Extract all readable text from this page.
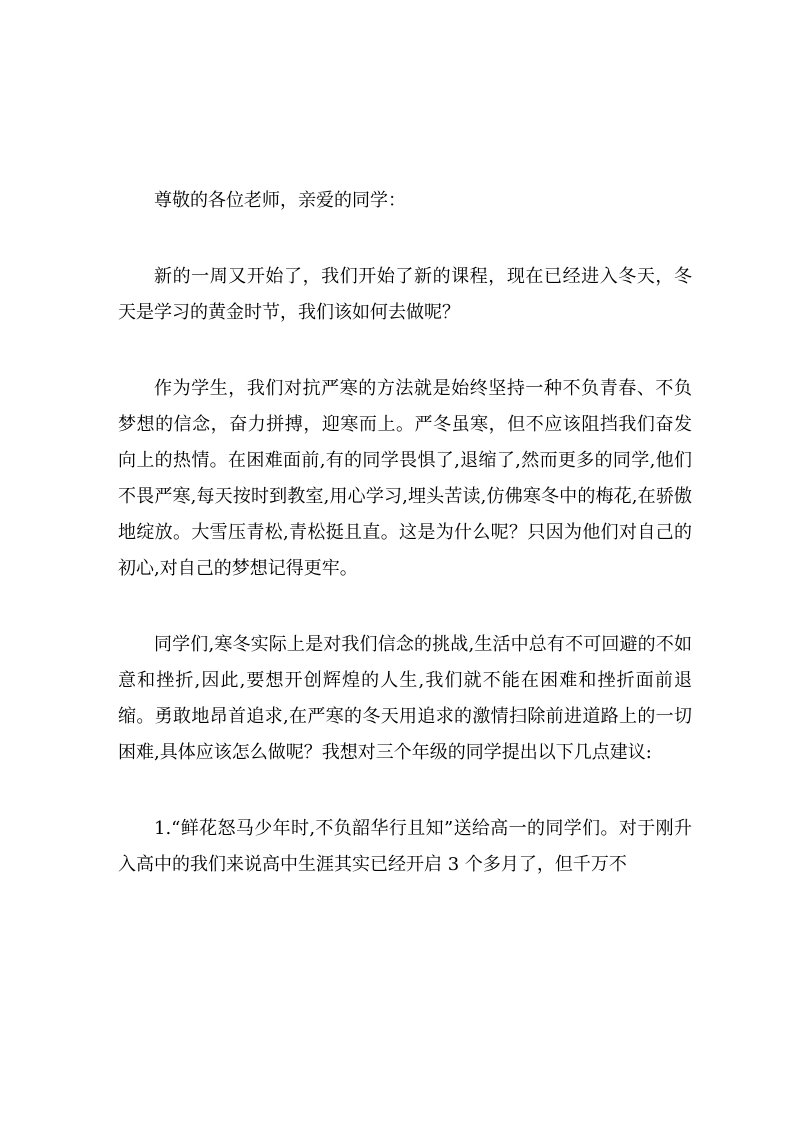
尊敬的各位老师，亲爱的同学：

新的一周又开始了，我们开始了新的课程，现在已经进入冬天，冬天是学习的黄金时节，我们该如何去做呢？

作为学生，我们对抗严寒的方法就是始终坚持一种不负青春、不负梦想的信念，奋力拼搏，迎寒而上。严冬虽寒，但不应该阻挡我们奋发向上的热情。在困难面前,有的同学畏惧了,退缩了,然而更多的同学,他们不畏严寒,每天按时到教室,用心学习,埋头苦读,仿佛寒冬中的梅花,在骄傲地绽放。大雪压青松,青松挺且直。这是为什么呢？只因为他们对自己的初心,对自己的梦想记得更牢。

同学们,寒冬实际上是对我们信念的挑战,生活中总有不可回避的不如意和挫折,因此,要想开创辉煌的人生,我们就不能在困难和挫折面前退缩。勇敢地昂首追求,在严寒的冬天用追求的激情扫除前进道路上的一切困难,具体应该怎么做呢？我想对三个年级的同学提出以下几点建议:

1.“鲜花怒马少年时,不负韶华行且知”送给高一的同学们。对于刚升入高中的我们来说高中生涯其实已经开启 3 个多月了，但千万不
